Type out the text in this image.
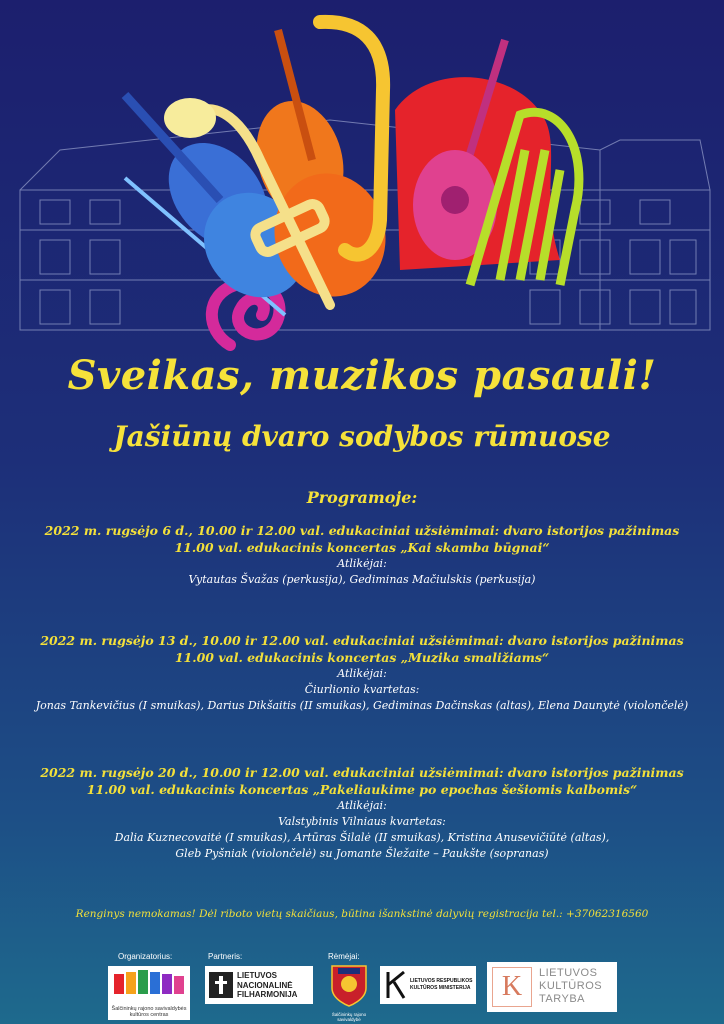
Sveikas, muzikos pasauli!
Jašiūnų dvaro sodybos rūmuose
Programoje:
2022 m. rugsėjo 6 d., 10.00 ir 12.00 val. edukaciniai užsiėmimai: dvaro istorijos pažinimas
11.00 val. edukacinis koncertas „Kai skamba būgnai“
Atlikėjai:
Vytautas Švažas (perkusija), Gediminas Mačiulskis (perkusija)
2022 m. rugsėjo 13 d., 10.00 ir 12.00 val. edukaciniai užsiėmimai: dvaro istorijos pažinimas
11.00 val. edukacinis koncertas „Muzika smaližiams“
Atlikėjai:
Čiurlionio kvartetas:
Jonas Tankevičius (I smuikas), Darius Dikšaitis (II smuikas), Gediminas Dačinskas (altas), Elena Daunytė (violončelė)
2022 m. rugsėjo 20 d., 10.00 ir 12.00 val. edukaciniai užsiėmimai: dvaro istorijos pažinimas
11.00 val. edukacinis koncertas „Pakeliaukime po epochas šešiomis kalbomis“
Atlikėjai:
Valstybinis Vilniaus kvartetas:
Dalia Kuznecovaitė (I smuikas), Artūras Šilalė (II smuikas), Kristina Anusevičiūtė (altas),
Gleb Pyšniak (violončelė) su Jomante Šležaite – Paukšte (sopranas)
Renginys nemokamas! Dėl riboto vietų skaičiaus, būtina išankstinė dalyvių registracija tel.: +37062316560
Organizatorius:	Partneris:	Rėmėjai:
Šalčininkų rajono savivaldybės kultūros centras
LIETUVOS
NACIONALINĖ
FILHARMONIJA
Šalčininkų rajono savivaldybė
LIETUVOS RESPUBLIKOS
KULTŪROS MINISTERIJA	K	LIETUVOS
KULTŪROS
TARYBA
